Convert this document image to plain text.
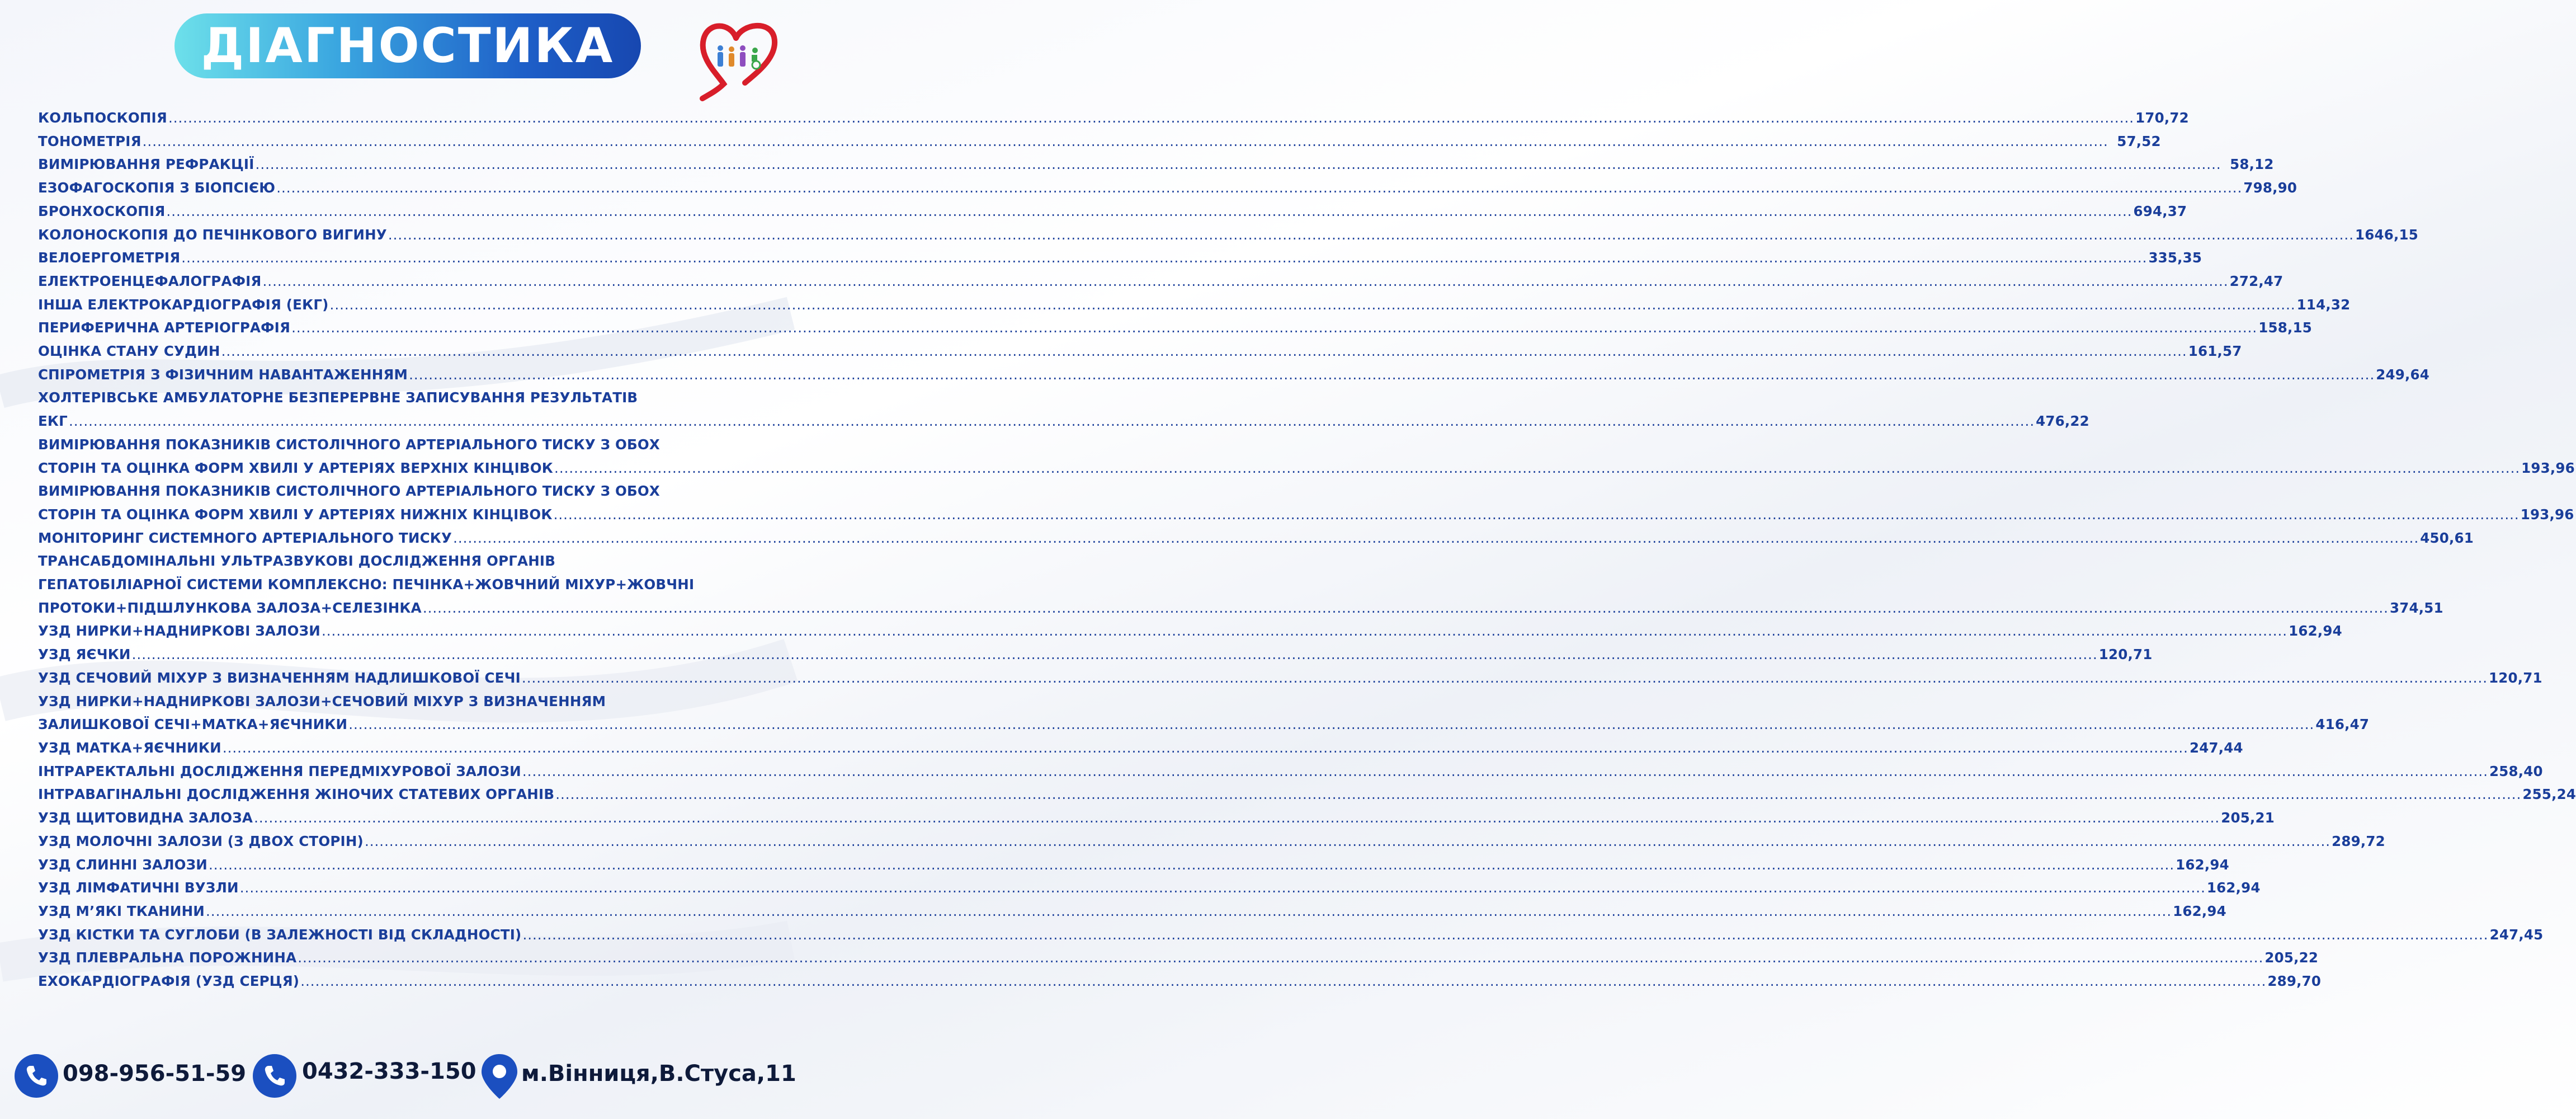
ДІАГНОСТИКА
КОЛЬПОСКОПІЯ ................................................................................................................................................................................................................................................................................................................................................................................................................ 170,72
ТОНОМЕТРІЯ ................................................................................................................................................................................................................................................................................................................................................................................................................ 57,52
ВИМІРЮВАННЯ РЕФРАКЦІЇ ................................................................................................................................................................................................................................................................................................................................................................................................................ 58,12
ЕЗОФАГОСКОПІЯ З БІОПСІЄЮ ................................................................................................................................................................................................................................................................................................................................................................................................................ 798,90
БРОНХОСКОПІЯ ................................................................................................................................................................................................................................................................................................................................................................................................................ 694,37
КОЛОНОСКОПІЯ ДО ПЕЧІНКОВОГО ВИГИНУ ................................................................................................................................................................................................................................................................................................................................................................................................................ 1646,15
ВЕЛОЕРГОМЕТРІЯ ................................................................................................................................................................................................................................................................................................................................................................................................................ 335,35
ЕЛЕКТРОЕНЦЕФАЛОГРАФІЯ ................................................................................................................................................................................................................................................................................................................................................................................................................ 272,47
ІНША ЕЛЕКТРОКАРДІОГРАФІЯ (ЕКГ) ................................................................................................................................................................................................................................................................................................................................................................................................................ 114,32
ПЕРИФЕРИЧНА АРТЕРІОГРАФІЯ ................................................................................................................................................................................................................................................................................................................................................................................................................ 158,15
ОЦІНКА СТАНУ СУДИН ................................................................................................................................................................................................................................................................................................................................................................................................................ 161,57
СПІРОМЕТРІЯ З ФІЗИЧНИМ НАВАНТАЖЕННЯМ ................................................................................................................................................................................................................................................................................................................................................................................................................ 249,64
ХОЛТЕРІВСЬКЕ АМБУЛАТОРНЕ БЕЗПЕРЕРВНЕ ЗАПИСУВАННЯ РЕЗУЛЬТАТІВ
ЕКГ ................................................................................................................................................................................................................................................................................................................................................................................................................ 476,22
ВИМІРЮВАННЯ ПОКАЗНИКІВ СИСТОЛІЧНОГО АРТЕРІАЛЬНОГО ТИСКУ З ОБОХ
СТОРІН ТА ОЦІНКА ФОРМ ХВИЛІ У АРТЕРІЯХ ВЕРХНІХ КІНЦІВОК ................................................................................................................................................................................................................................................................................................................................................................................................................ 193,96
ВИМІРЮВАННЯ ПОКАЗНИКІВ СИСТОЛІЧНОГО АРТЕРІАЛЬНОГО ТИСКУ З ОБОХ
СТОРІН ТА ОЦІНКА ФОРМ ХВИЛІ У АРТЕРІЯХ НИЖНІХ КІНЦІВОК ................................................................................................................................................................................................................................................................................................................................................................................................................ 193,96
МОНІТОРИНГ СИСТЕМНОГО АРТЕРІАЛЬНОГО ТИСКУ ................................................................................................................................................................................................................................................................................................................................................................................................................ 450,61
ТРАНСАБДОМІНАЛЬНІ УЛЬТРАЗВУКОВІ ДОСЛІДЖЕННЯ ОРГАНІВ
ГЕПАТОБІЛІАРНОЇ СИСТЕМИ КОМПЛЕКСНО: ПЕЧІНКА+ЖОВЧНИЙ МІХУР+ЖОВЧНІ
ПРОТОКИ+ПІДШЛУНКОВА ЗАЛОЗА+СЕЛЕЗІНКА ................................................................................................................................................................................................................................................................................................................................................................................................................ 374,51
УЗД НИРКИ+НАДНИРКОВІ ЗАЛОЗИ ................................................................................................................................................................................................................................................................................................................................................................................................................ 162,94
УЗД ЯЄЧКИ ................................................................................................................................................................................................................................................................................................................................................................................................................ 120,71
УЗД СЕЧОВИЙ МІХУР З ВИЗНАЧЕННЯМ НАДЛИШКОВОЇ СЕЧІ ................................................................................................................................................................................................................................................................................................................................................................................................................ 120,71
УЗД НИРКИ+НАДНИРКОВІ ЗАЛОЗИ+СЕЧОВИЙ МІХУР З ВИЗНАЧЕННЯМ
ЗАЛИШКОВОЇ СЕЧІ+МАТКА+ЯЄЧНИКИ ................................................................................................................................................................................................................................................................................................................................................................................................................ 416,47
УЗД МАТКА+ЯЄЧНИКИ ................................................................................................................................................................................................................................................................................................................................................................................................................ 247,44
ІНТРАРЕКТАЛЬНІ ДОСЛІДЖЕННЯ ПЕРЕДМІХУРОВОЇ ЗАЛОЗИ ................................................................................................................................................................................................................................................................................................................................................................................................................ 258,40
ІНТРАВАГІНАЛЬНІ ДОСЛІДЖЕННЯ ЖІНОЧИХ СТАТЕВИХ ОРГАНІВ ................................................................................................................................................................................................................................................................................................................................................................................................................ 255,24
УЗД ЩИТОВИДНА ЗАЛОЗА ................................................................................................................................................................................................................................................................................................................................................................................................................ 205,21
УЗД МОЛОЧНІ ЗАЛОЗИ (З ДВОХ СТОРІН) ................................................................................................................................................................................................................................................................................................................................................................................................................ 289,72
УЗД СЛИННІ ЗАЛОЗИ ................................................................................................................................................................................................................................................................................................................................................................................................................ 162,94
УЗД ЛІМФАТИЧНІ ВУЗЛИ ................................................................................................................................................................................................................................................................................................................................................................................................................ 162,94
УЗД М’ЯКІ ТКАНИНИ ................................................................................................................................................................................................................................................................................................................................................................................................................ 162,94
УЗД КІСТКИ ТА СУГЛОБИ (В ЗАЛЕЖНОСТІ ВІД СКЛАДНОСТІ) ................................................................................................................................................................................................................................................................................................................................................................................................................ 247,45
УЗД ПЛЕВРАЛЬНА ПОРОЖНИНА ................................................................................................................................................................................................................................................................................................................................................................................................................ 205,22
ЕХОКАРДІОГРАФІЯ (УЗД СЕРЦЯ) ................................................................................................................................................................................................................................................................................................................................................................................................................ 289,70
098-956-51-59 0432-333-150 м.Вінниця,В.Стуса,11
